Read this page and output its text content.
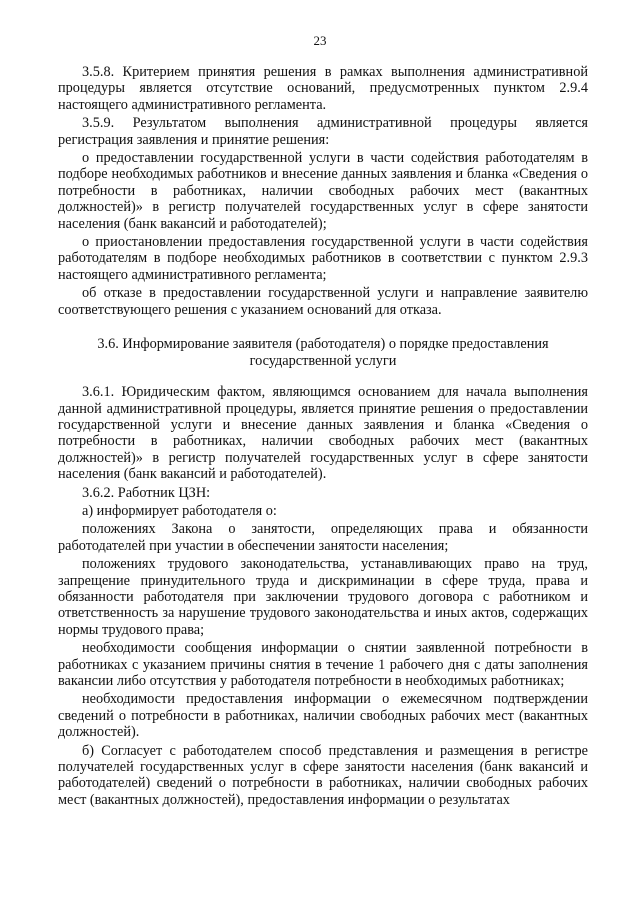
23

3.5.8. Критерием принятия решения в рамках выполнения административной процедуры является отсутствие оснований, предусмотренных пунктом 2.9.4 настоящего административного регламента.

3.5.9. Результатом выполнения административной процедуры является регистрация заявления и принятие решения:

о предоставлении государственной услуги в части содействия работодателям в подборе необходимых работников и внесение данных заявления и бланка «Сведения о потребности в работниках, наличии свободных рабочих мест (вакантных должностей)» в регистр получателей государственных услуг в сфере занятости населения (банк вакансий и работодателей);

о приостановлении предоставления государственной услуги в части содействия работодателям в подборе необходимых работников в соответствии с пунктом 2.9.3 настоящего административного регламента;

об отказе в предоставлении государственной услуги и направление заявителю соответствующего решения с указанием оснований для отказа.

3.6. Информирование заявителя (работодателя) о порядке предоставления государственной услуги

3.6.1. Юридическим фактом, являющимся основанием для начала выполнения данной административной процедуры, является принятие решения о предоставлении государственной услуги и внесение данных заявления и бланка «Сведения о потребности в работниках, наличии свободных рабочих мест (вакантных должностей)» в регистр получателей государственных услуг в сфере занятости населения (банк вакансий и работодателей).

3.6.2. Работник ЦЗН:

а) информирует работодателя о:

положениях Закона о занятости, определяющих права и обязанности работодателей при участии в обеспечении занятости населения;

положениях трудового законодательства, устанавливающих право на труд, запрещение принудительного труда и дискриминации в сфере труда, права и обязанности работодателя при заключении трудового договора с работником и ответственность за нарушение трудового законодательства и иных актов, содержащих нормы трудового права;

необходимости сообщения информации о снятии заявленной потребности в работниках с указанием причины снятия в течение 1 рабочего дня с даты заполнения вакансии либо отсутствия у работодателя потребности в необходимых работниках;

необходимости предоставления информации о ежемесячном подтверждении сведений о потребности в работниках, наличии свободных рабочих мест (вакантных должностей).

б) Согласует с работодателем способ представления и размещения в регистре получателей государственных услуг в сфере занятости населения (банк вакансий и работодателей) сведений о потребности в работниках, наличии свободных рабочих мест (вакантных должностей), предоставления информации о результатах
